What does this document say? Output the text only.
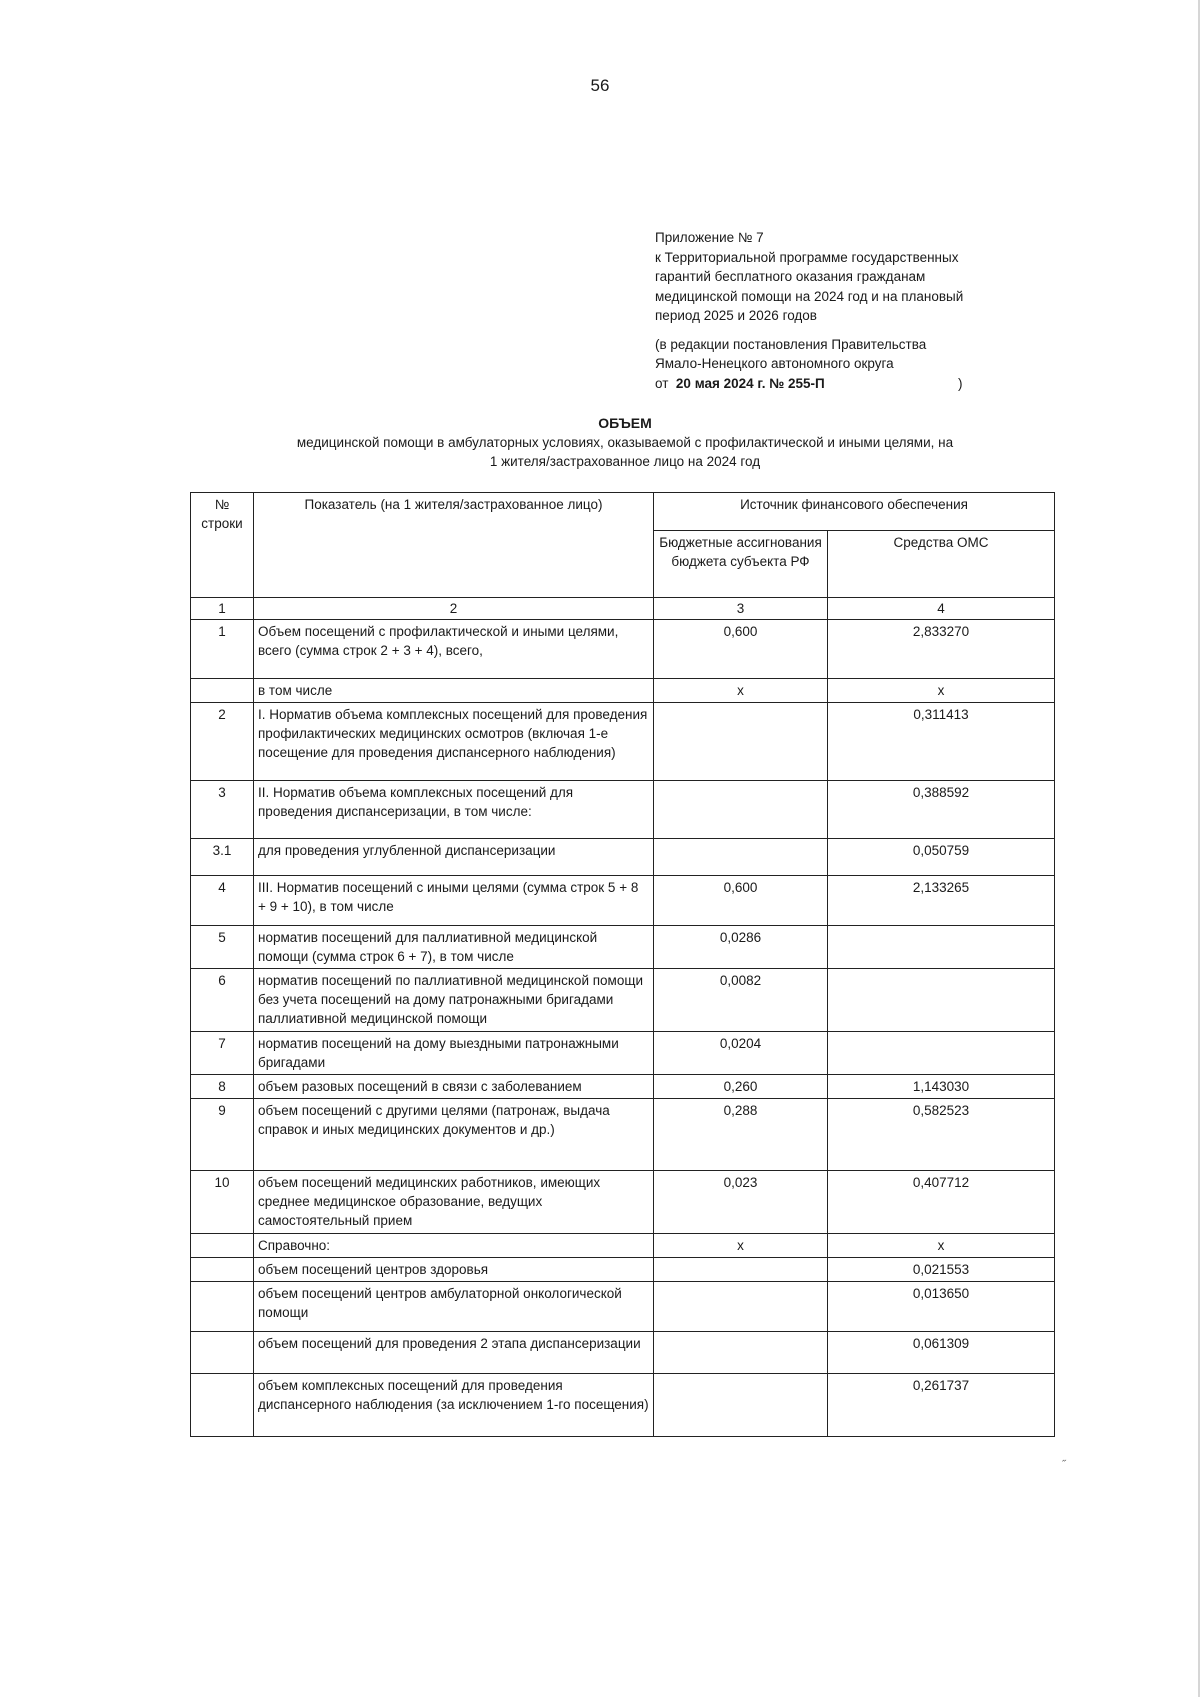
56
Приложение № 7
к Территориальной программе государственных
гарантий бесплатного оказания гражданам
медицинской помощи на 2024 год и на плановый
период 2025 и 2026 годов
(в редакции постановления Правительства
Ямало-Ненецкого автономного округа
от 20 мая 2024 г. № 255-П	)
ОБЪЕМ
медицинской помощи в амбулаторных условиях, оказываемой с профилактической и иными целями, на
1 жителя/застрахованное лицо на 2024 год
№ строки	Показатель (на 1 жителя/застрахованное лицо)	Источник финансового обеспечения	
		Бюджетные ассигнования бюджета субъекта РФ	Средства ОМС
1	2	3	4
1	Объем посещений с профилактической и иными целями, всего (сумма строк 2 + 3 + 4), всего,	0,600	2,833270
	в том числе	х	х
2	I. Норматив объема комплексных посещений для проведения профилактических медицинских осмотров (включая 1-е посещение для проведения диспансерного наблюдения)		0,311413
3	II. Норматив объема комплексных посещений для проведения диспансеризации, в том числе:		0,388592
3.1	для проведения углубленной диспансеризации		0,050759
4	III. Норматив посещений с иными целями (сумма строк 5 + 8 + 9 + 10), в том числе	0,600	2,133265
5	норматив посещений для паллиативной медицинской помощи (сумма строк 6 + 7), в том числе	0,0286	
6	норматив посещений по паллиативной медицинской помощи без учета посещений на дому патронажными бригадами паллиативной медицинской помощи	0,0082	
7	норматив посещений на дому выездными патронажными бригадами	0,0204	
8	объем разовых посещений в связи с заболеванием	0,260	1,143030
9	объем посещений с другими целями (патронаж, выдача справок и иных медицинских документов и др.)	0,288	0,582523
10	объем посещений медицинских работников, имеющих среднее медицинское образование, ведущих самостоятельный прием	0,023	0,407712
	Справочно:	х	х
	объем посещений центров здоровья		0,021553
	объем посещений центров амбулаторной онкологической помощи		0,013650
	объем посещений для проведения 2 этапа диспансеризации		0,061309
	объем комплексных посещений для проведения диспансерного наблюдения (за исключением 1-го посещения)		0,261737
˝
